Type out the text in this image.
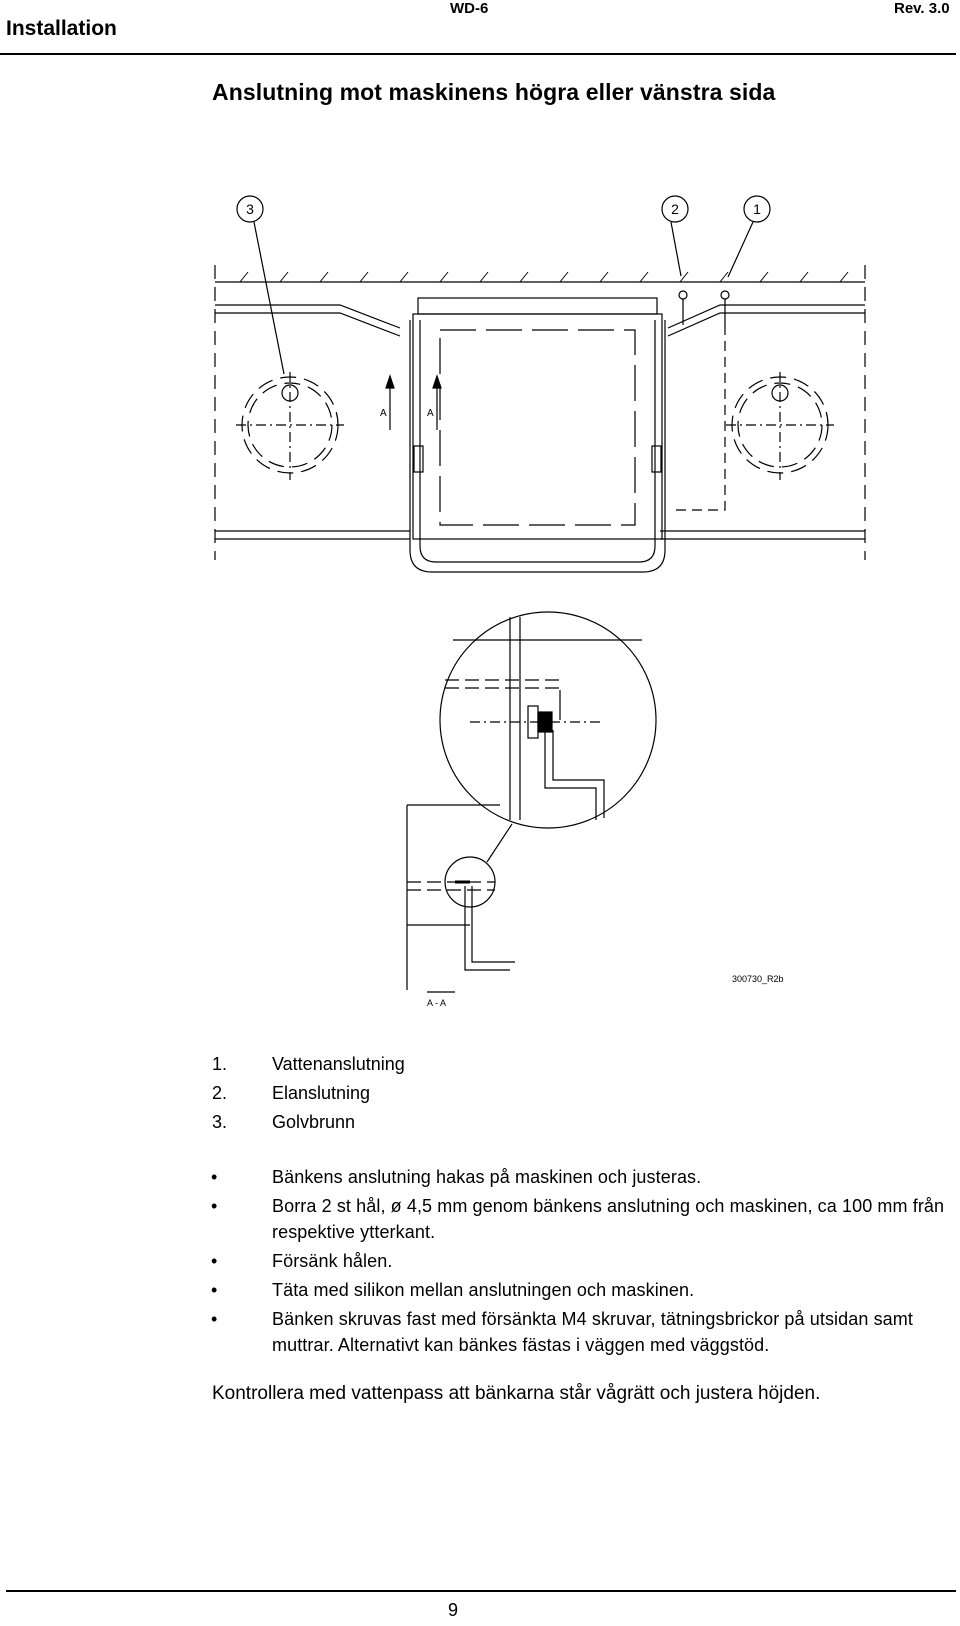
Installation
WD-6	Rev. 3.0
Anslutning mot maskinens högra eller vänstra sida
3	2	1
A	A
300730_R2b
A - A
1.	Vattenanslutning
2.	Elanslutning
3.	Golvbrunn
•	Bänkens anslutning hakas på maskinen och justeras.
•	Borra 2 st hål, ø 4,5 mm genom bänkens anslutning och maskinen, ca 100 mm från respektive ytterkant.
•	Försänk hålen.
•	Täta med silikon mellan anslutningen och maskinen.
•	Bänken skruvas fast med försänkta M4 skruvar, tätningsbrickor på utsidan samt muttrar. Alternativt kan bänkes fästas i väggen med väggstöd.
Kontrollera med vattenpass att bänkarna står vågrätt och justera höjden.
9
